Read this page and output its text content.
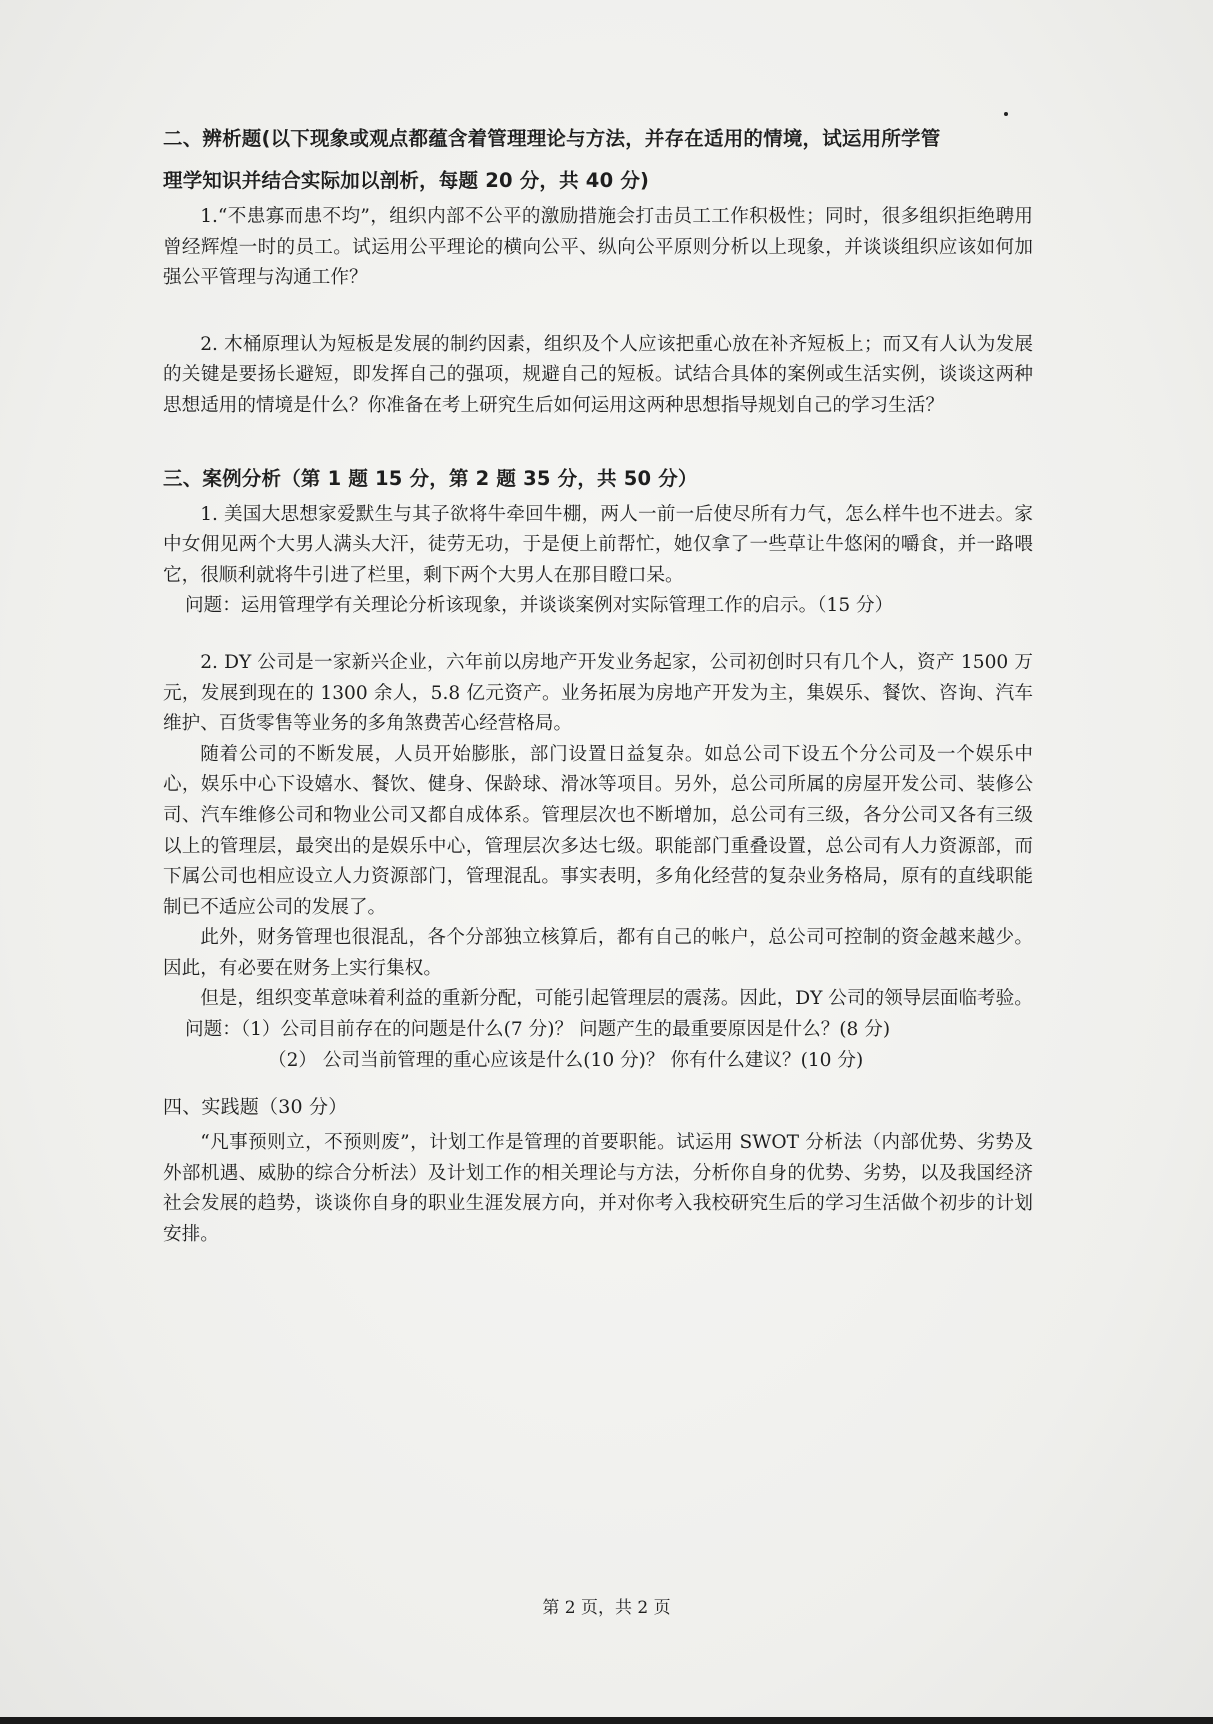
二、辨析题(以下现象或观点都蕴含着管理理论与方法，并存在适用的情境，试运用所学管
理学知识并结合实际加以剖析，每题 20 分，共 40 分)

1.“不患寡而患不均”，组织内部不公平的激励措施会打击员工工作积极性；同时，很多组织拒绝聘用曾经辉煌一时的员工。试运用公平理论的横向公平、纵向公平原则分析以上现象，并谈谈组织应该如何加强公平管理与沟通工作？

2. 木桶原理认为短板是发展的制约因素，组织及个人应该把重心放在补齐短板上；而又有人认为发展的关键是要扬长避短，即发挥自己的强项，规避自己的短板。试结合具体的案例或生活实例，谈谈这两种思想适用的情境是什么？你准备在考上研究生后如何运用这两种思想指导规划自己的学习生活？

三、案例分析（第 1 题 15 分，第 2 题 35 分，共 50 分）

1. 美国大思想家爱默生与其子欲将牛牵回牛棚，两人一前一后使尽所有力气，怎么样牛也不进去。家中女佣见两个大男人满头大汗，徒劳无功，于是便上前帮忙，她仅拿了一些草让牛悠闲的嚼食，并一路喂它，很顺利就将牛引进了栏里，剩下两个大男人在那目瞪口呆。

问题：运用管理学有关理论分析该现象，并谈谈案例对实际管理工作的启示。（15 分）

2. DY 公司是一家新兴企业，六年前以房地产开发业务起家，公司初创时只有几个人，资产 1500 万元，发展到现在的 1300 余人，5.8 亿元资产。业务拓展为房地产开发为主，集娱乐、餐饮、咨询、汽车维护、百货零售等业务的多角煞费苦心经营格局。

随着公司的不断发展，人员开始膨胀，部门设置日益复杂。如总公司下设五个分公司及一个娱乐中心，娱乐中心下设嬉水、餐饮、健身、保龄球、滑冰等项目。另外，总公司所属的房屋开发公司、装修公司、汽车维修公司和物业公司又都自成体系。管理层次也不断增加，总公司有三级，各分公司又各有三级以上的管理层，最突出的是娱乐中心，管理层次多达七级。职能部门重叠设置，总公司有人力资源部，而下属公司也相应设立人力资源部门，管理混乱。事实表明，多角化经营的复杂业务格局，原有的直线职能制已不适应公司的发展了。

此外，财务管理也很混乱，各个分部独立核算后，都有自己的帐户，总公司可控制的资金越来越少。因此，有必要在财务上实行集权。

但是，组织变革意味着利益的重新分配，可能引起管理层的震荡。因此，DY 公司的领导层面临考验。

问题：（1）公司目前存在的问题是什么(7 分)？ 问题产生的最重要原因是什么？(8 分)

（2） 公司当前管理的重心应该是什么(10 分)？ 你有什么建议？(10 分)

四、实践题（30 分）

“凡事预则立，不预则废”，计划工作是管理的首要职能。试运用 SWOT 分析法（内部优势、劣势及外部机遇、威胁的综合分析法）及计划工作的相关理论与方法，分析你自身的优势、劣势，以及我国经济社会发展的趋势，谈谈你自身的职业生涯发展方向，并对你考入我校研究生后的学习生活做个初步的计划安排。

第 2 页，共 2 页
